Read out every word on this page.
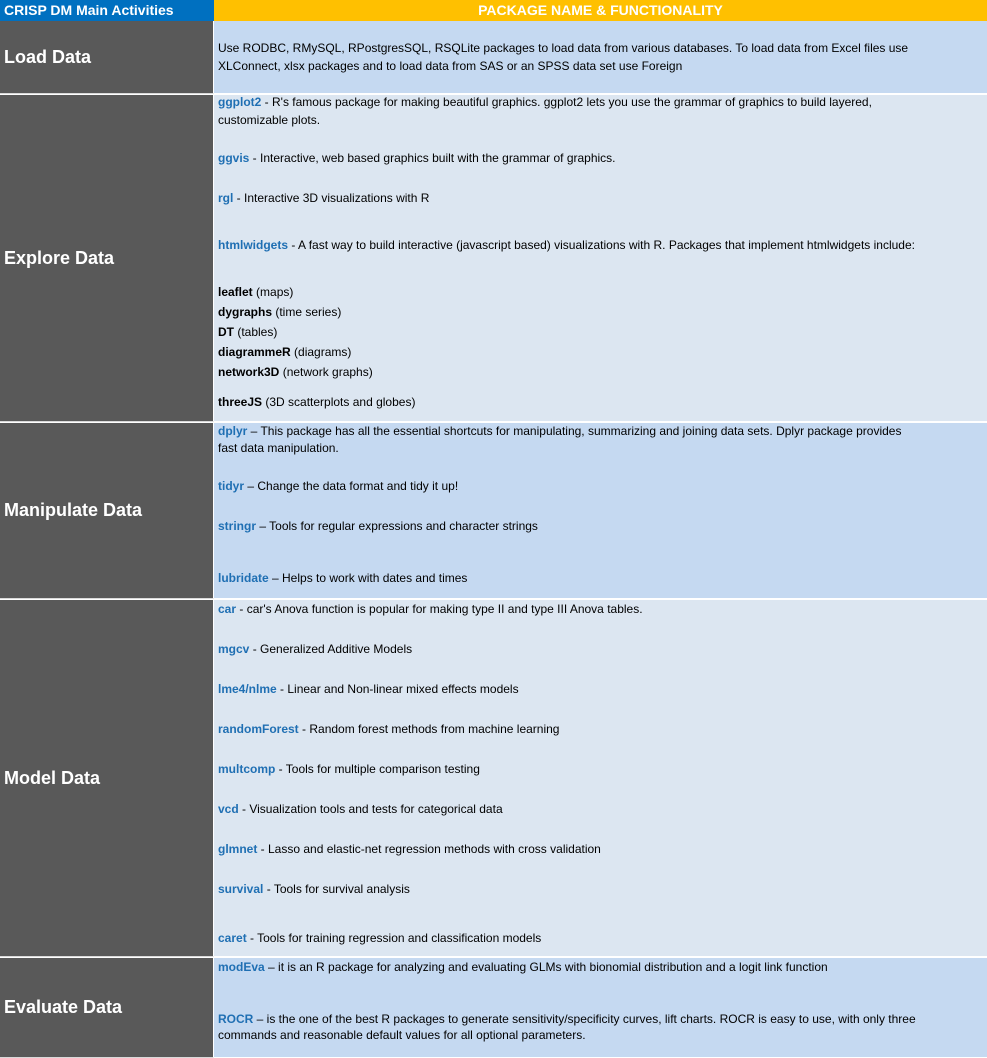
CRISP DM Main Activities	PACKAGE NAME & FUNCTIONALITY
Load Data	Use RODBC, RMySQL, RPostgresSQL, RSQLite packages to load data from various databases. To load data from Excel files use
XLConnect, xlsx packages and to load data from SAS or an SPSS data set use Foreign
Explore Data
ggplot2 - R's famous package for making beautiful graphics. ggplot2 lets you use the grammar of graphics to build layered,
customizable plots.
ggvis - Interactive, web based graphics built with the grammar of graphics.
rgl - Interactive 3D visualizations with R
htmlwidgets - A fast way to build interactive (javascript based) visualizations with R. Packages that implement htmlwidgets include:
leaflet (maps)
dygraphs (time series)
DT (tables)
diagrammeR (diagrams)
network3D (network graphs)
threeJS (3D scatterplots and globes)
Manipulate Data
dplyr – This package has all the essential shortcuts for manipulating, summarizing and joining data sets. Dplyr package provides
fast data manipulation.
tidyr – Change the data format and tidy it up!
stringr – Tools for regular expressions and character strings
lubridate – Helps to work with dates and times
Model Data
car - car's Anova function is popular for making type II and type III Anova tables.
mgcv - Generalized Additive Models
lme4/nlme - Linear and Non-linear mixed effects models
randomForest - Random forest methods from machine learning
multcomp - Tools for multiple comparison testing
vcd - Visualization tools and tests for categorical data
glmnet - Lasso and elastic-net regression methods with cross validation
survival - Tools for survival analysis
caret - Tools for training regression and classification models
Evaluate Data
modEva – it is an R package for analyzing and evaluating GLMs with bionomial distribution and a logit link function
ROCR – is the one of the best R packages to generate sensitivity/specificity curves, lift charts. ROCR is easy to use, with only three
commands and reasonable default values for all optional parameters.
